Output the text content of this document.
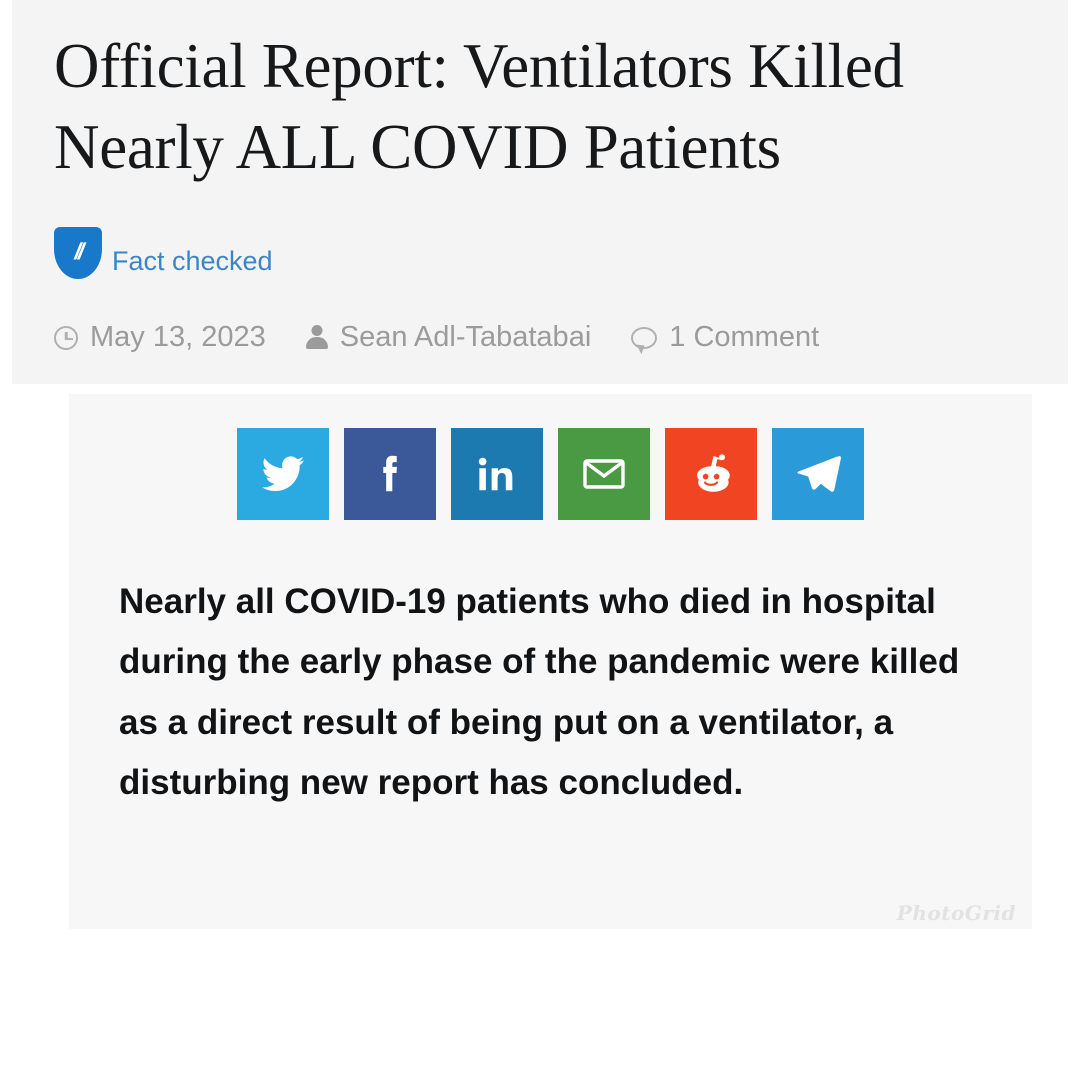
Official Report: Ventilators Killed Nearly ALL COVID Patients
// Fact checked
May 13, 2023	Sean Adl-Tabatabai	1 Comment

Nearly all COVID-19 patients who died in hospital during the early phase of the pandemic were killed as a direct result of being put on a ventilator, a disturbing new report has concluded.

PhotoGrid
